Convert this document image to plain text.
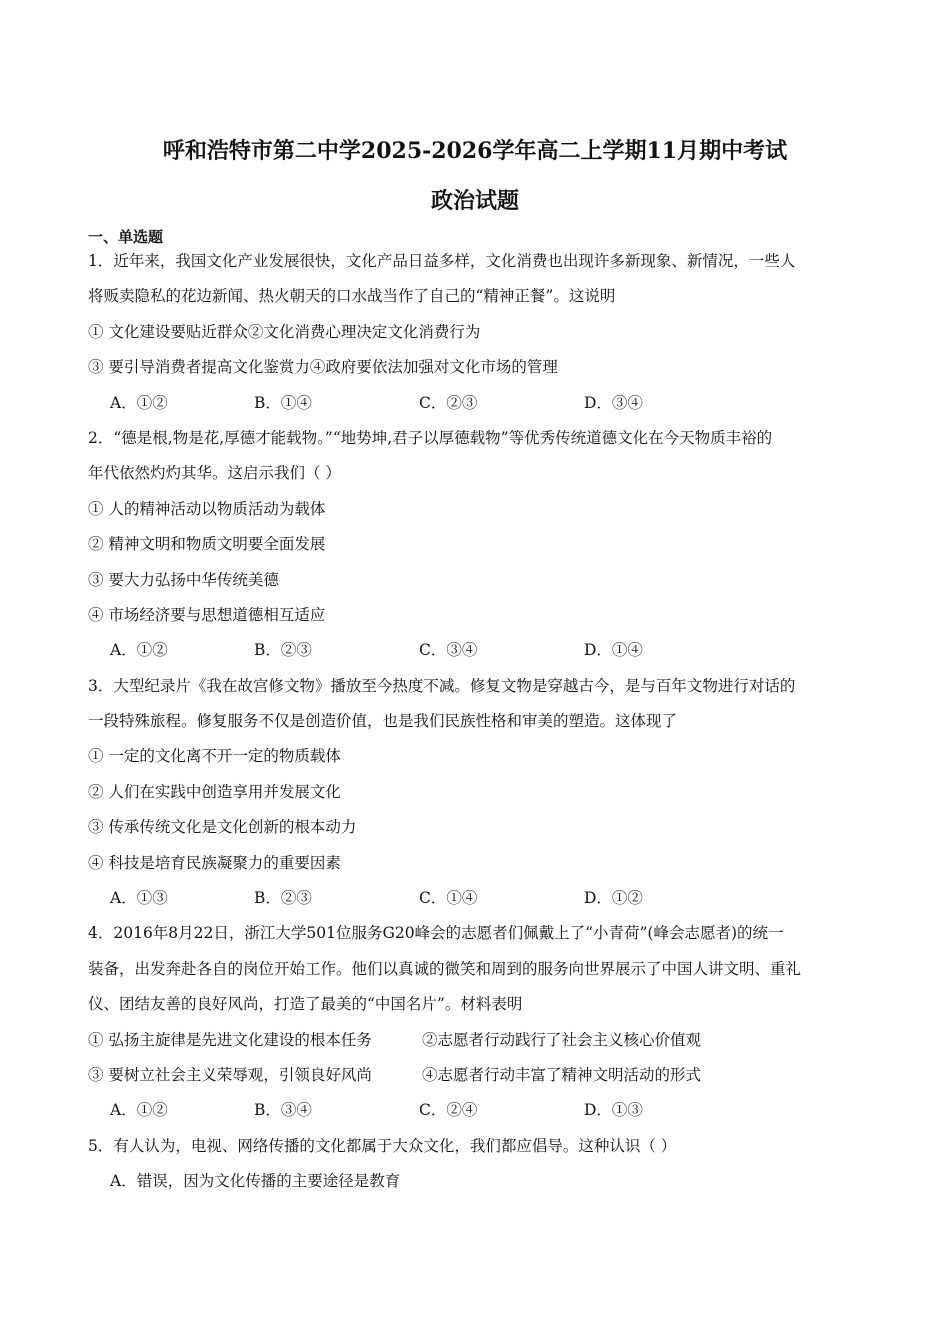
呼和浩特市第二中学2025-2026学年高二上学期11月期中考试
政治试题
一、单选题
1．近年来，我国文化产业发展很快，文化产品日益多样，文化消费也出现许多新现象、新情况，一些人
将贩卖隐私的花边新闻、热火朝天的口水战当作了自己的“精神正餐”。这说明
① 文化建设要贴近群众②文化消费心理决定文化消费行为
③ 要引导消费者提高文化鉴赏力④政府要依法加强对文化市场的管理
A．①②	B．①④	C．②③	D．③④
2．“德是根,物是花,厚德才能载物。”“地势坤,君子以厚德载物”等优秀传统道德文化在今天物质丰裕的
年代依然灼灼其华。这启示我们（ ）
① 人的精神活动以物质活动为载体
② 精神文明和物质文明要全面发展
③ 要大力弘扬中华传统美德
④ 市场经济要与思想道德相互适应
A．①②	B．②③	C．③④	D．①④
3．大型纪录片《我在故宫修文物》播放至今热度不减。修复文物是穿越古今，是与百年文物进行对话的
一段特殊旅程。修复服务不仅是创造价值，也是我们民族性格和审美的塑造。这体现了
① 一定的文化离不开一定的物质载体
② 人们在实践中创造享用并发展文化
③ 传承传统文化是文化创新的根本动力
④ 科技是培育民族凝聚力的重要因素
A．①③	B．②③	C．①④	D．①②
4．2016年8月22日，浙江大学501位服务G20峰会的志愿者们佩戴上了“小青荷”(峰会志愿者)的统一
装备，出发奔赴各自的岗位开始工作。他们以真诚的微笑和周到的服务向世界展示了中国人讲文明、重礼
仪、团结友善的良好风尚，打造了最美的“中国名片”。材料表明
① 弘扬主旋律是先进文化建设的根本任务	②志愿者行动践行了社会主义核心价值观
③ 要树立社会主义荣辱观，引领良好风尚	④志愿者行动丰富了精神文明活动的形式
A．①②	B．③④	C．②④	D．①③
5．有人认为，电视、网络传播的文化都属于大众文化，我们都应倡导。这种认识（ ）
A．错误，因为文化传播的主要途径是教育
